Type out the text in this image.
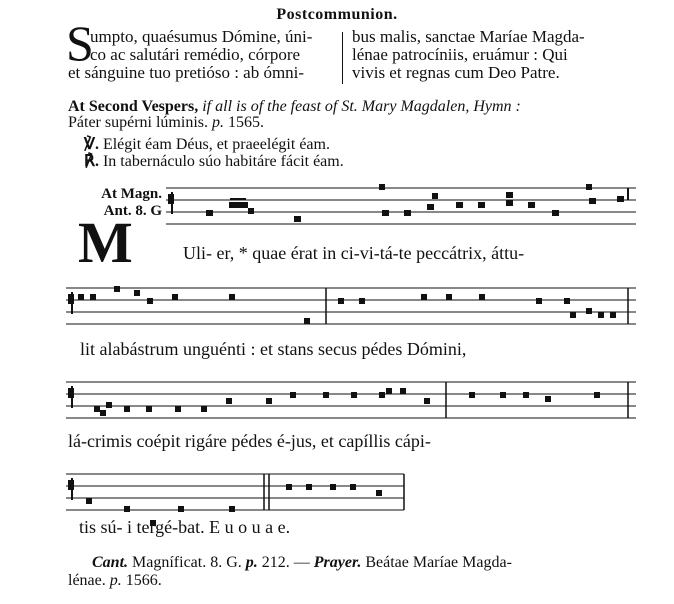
Postcommunion.
S
umpto, quaésumus Dómine, úni-
co ac salutári remédio, córpore
et sánguine tuo pretióso : ab ómni-
bus malis, sanctae Maríae Magda-
lénae patrocíniis, eruámur : Qui
vivis et regnas cum Deo Patre.
At Second Vespers, if all is of the feast of St. Mary Magdalen, Hymn :
Páter supérni lúminis. p. 1565.
℣. Elégit éam Déus, et praeelégit éam.
℟. In tabernáculo súo habitáre fácit éam.
At Magn.
Ant. 8. G
M	Uli- er, * quae érat in ci-vi-tá-te peccátrix, áttu-
lit alabástrum unguénti : et stans secus pédes Dómini,
lá-crimis coépit rigáre pédes é-jus, et capíllis cápi-
tis sú- i tergé-bat. E u o u a e.
Cant. Magníficat. 8. G. p. 212. — Prayer. Beátae Maríae Magda-
lénae. p. 1566.
